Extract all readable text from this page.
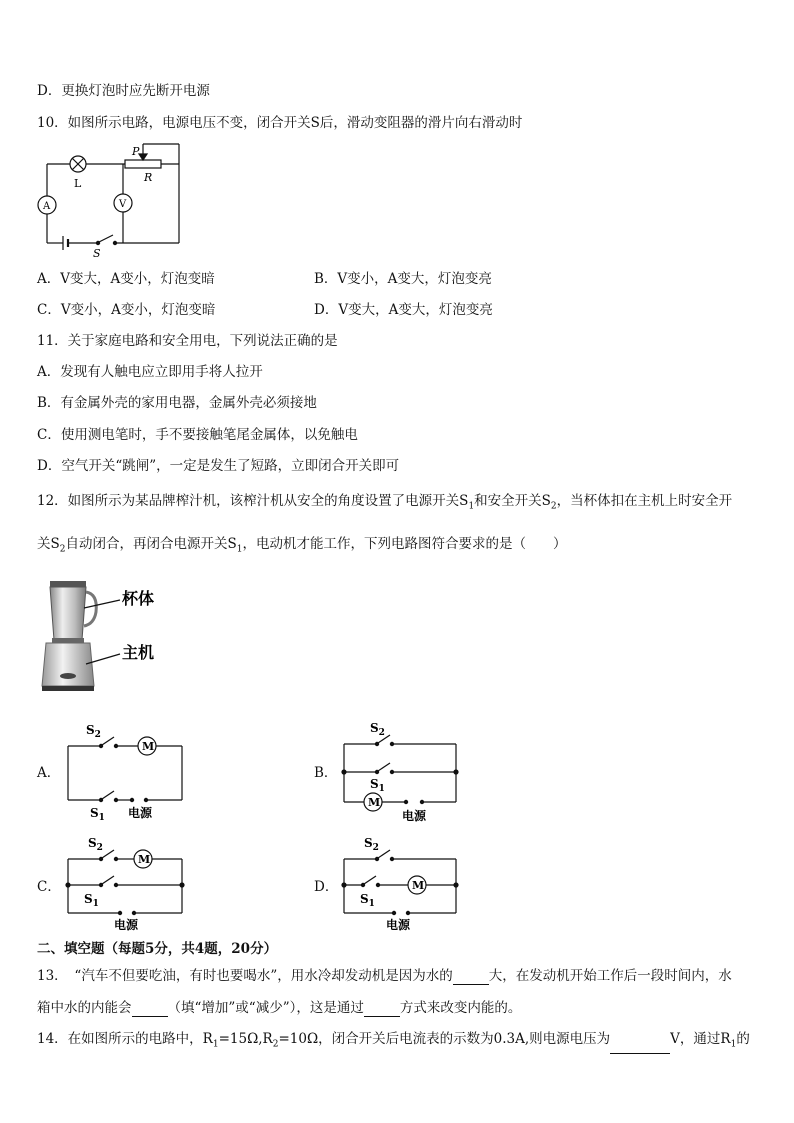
D．更换灯泡时应先断开电源
10．如图所示电路，电源电压不变，闭合开关S后，滑动变阻器的滑片向右滑动时
L
A	V
P
R
S
A．V变大，A变小，灯泡变暗	B．V变小，A变大，灯泡变亮
C．V变小，A变小，灯泡变暗	D．V变大，A变大，灯泡变亮
11．关于家庭电路和安全用电，下列说法正确的是
A．发现有人触电应立即用手将人拉开
B．有金属外壳的家用电器，金属外壳必须接地
C．使用测电笔时，手不要接触笔尾金属体，以免触电
D．空气开关“跳闸”，一定是发生了短路，立即闭合开关即可
12．如图所示为某品牌榨汁机，该榨汁机从安全的角度设置了电源开关$S_1$和安全开关$S_2$，当杯体扣在主机上时安全开
关$S_2$自动闭合，再闭合电源开关$S_1$，电动机才能工作，下列电路图符合要求的是（　　）
杯体
主机
A．
M
$S_2$
$S_1$ 电源
B．
M
$S_2$
$S_1$
电源
C．
M
$S_2$
$S_1$
电源
D．	M
$S_2$
$S_1$
电源
二、填空题（每题5分，共4题，20分）
13．　“汽车不但要吃油，有时也要喝水”，用水冷却发动机是因为水的	大，在发动机开始工作后一段时间内，水
箱中水的内能会	（填“增加”或“减少”），这是通过	方式来改变内能的。
14．在如图所示的电路中，$R_1=15\Omega,R_2=10\Omega$，闭合开关后电流表的示数为0.3A,则电源电压为	V，通过$R_1$的
